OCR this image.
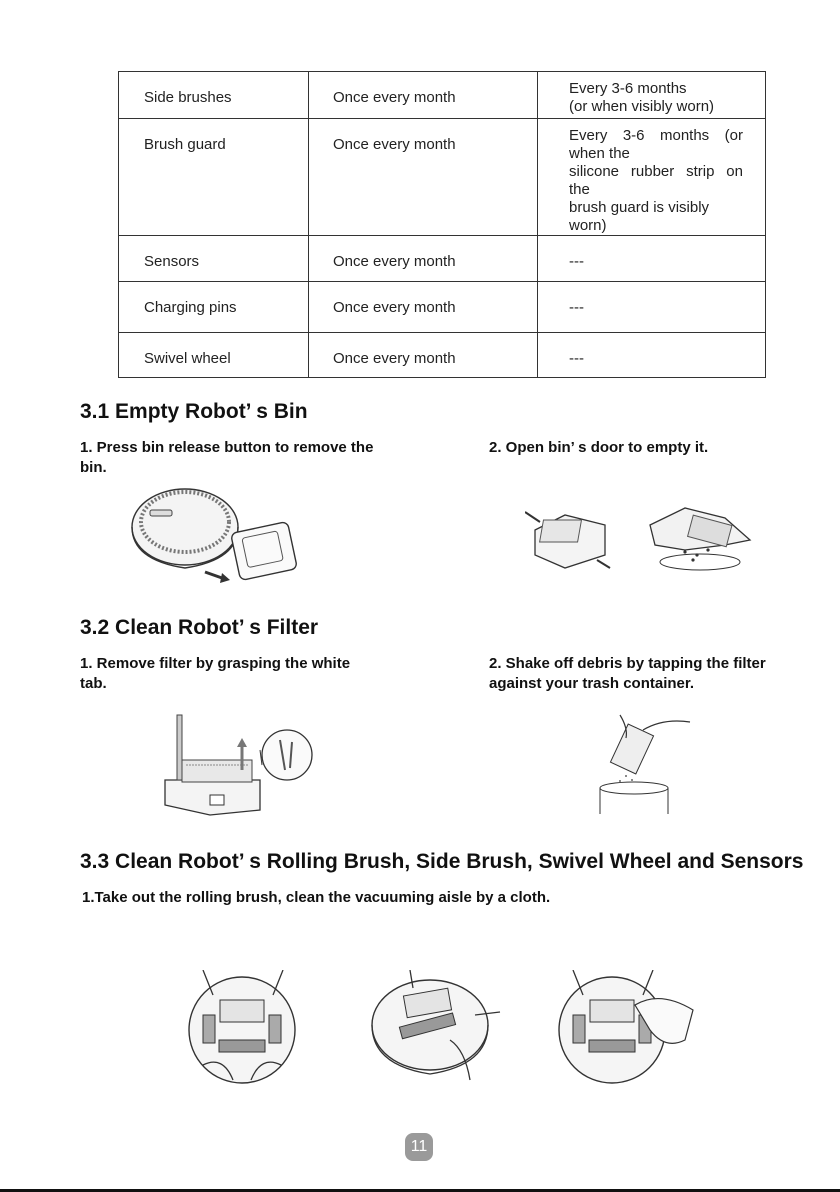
Side brushes	Once every month	Every 3-6 months
(or when visibly worn)

Brush guard	Once every month	Every 3-6 months (or when the
silicone rubber strip on the
brush guard is visibly worn)

Sensors	Once every month	---
Charging pins	Once every month	---
Swivel wheel	Once every month	---
3.1 Empty Robot’ s Bin
1. Press bin release button to remove the bin.
2. Open bin’ s door to empty it.
3.2 Clean Robot’ s Filter
1. Remove filter by grasping the white tab.
2. Shake off debris by tapping the filter against your trash container.
3.3 Clean Robot’ s Rolling Brush, Side Brush, Swivel Wheel and Sensors
1.Take out the rolling brush, clean the vacuuming aisle by a cloth.
11
